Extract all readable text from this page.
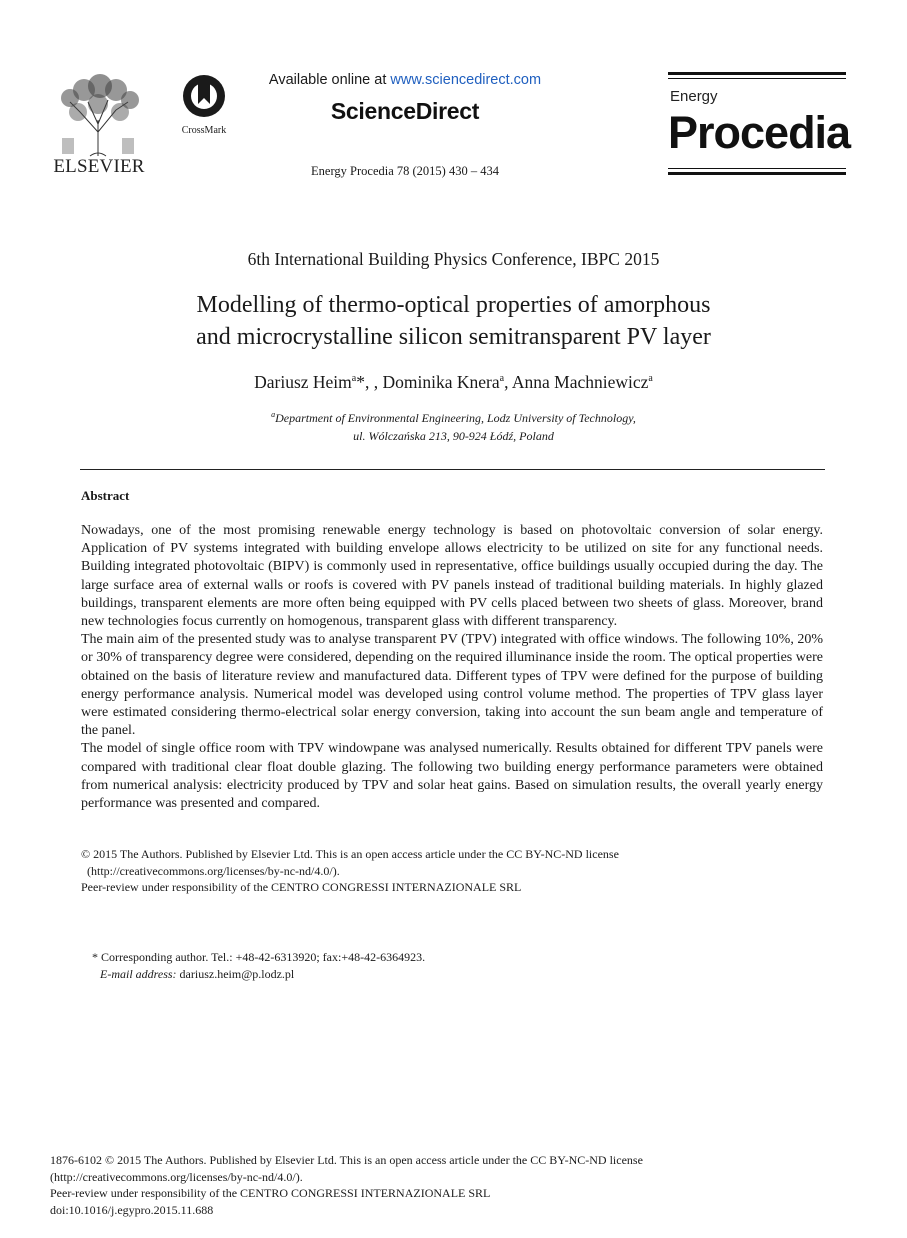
ELSEVIER
CrossMark
Available online at www.sciencedirect.com
ScienceDirect
Energy Procedia 78 (2015) 430 – 434
Energy
Procedia
6th International Building Physics Conference, IBPC 2015
Modelling of thermo-optical properties of amorphous
and microcrystalline silicon semitransparent PV layer
Dariusz Heim$^a$*, , Dominika Knera$^a$, Anna Machniewicz$^a$
$^a$Department of Environmental Engineering, Lodz University of Technology,
ul. Wólczańska 213, 90-924 Łódź, Poland
Abstract

Nowadays, one of the most promising renewable energy technology is based on photovoltaic conversion of solar energy. Application of PV systems integrated with building envelope allows electricity to be utilized on site for any functional needs. Building integrated photovoltaic (BIPV) is commonly used in representative, office buildings usually occupied during the day. The large surface area of external walls or roofs is covered with PV panels instead of traditional building materials. In highly glazed buildings, transparent elements are more often being equipped with PV cells placed between two sheets of glass. Moreover, brand new technologies focus currently on homogenous, transparent glass with different transparency.

The main aim of the presented study was to analyse transparent PV (TPV) integrated with office windows. The following 10%, 20% or 30% of transparency degree were considered, depending on the required illuminance inside the room. The optical properties were obtained on the basis of literature review and manufactured data. Different types of TPV were defined for the purpose of building energy performance analysis. Numerical model was developed using control volume method. The properties of TPV glass layer were estimated considering thermo-electrical solar energy conversion, taking into account the sun beam angle and temperature of the panel.

The model of single office room with TPV windowpane was analysed numerically. Results obtained for different TPV panels were compared with traditional clear float double glazing. The following two building energy performance parameters were obtained from numerical analysis: electricity produced by TPV and solar heat gains. Based on simulation results, the overall yearly energy performance was presented and compared.

© 2015 The Authors. Published by Elsevier Ltd. This is an open access article under the CC BY-NC-ND license

(http://creativecommons.org/licenses/by-nc-nd/4.0/).

Peer-review under responsibility of the CENTRO CONGRESSI INTERNAZIONALE SRL

* Corresponding author. Tel.: +48-42-6313920; fax:+48-42-6364923.

E-mail address: dariusz.heim@p.lodz.pl

1876-6102 © 2015 The Authors. Published by Elsevier Ltd. This is an open access article under the CC BY-NC-ND license

(http://creativecommons.org/licenses/by-nc-nd/4.0/).

Peer-review under responsibility of the CENTRO CONGRESSI INTERNAZIONALE SRL

doi:10.1016/j.egypro.2015.11.688
